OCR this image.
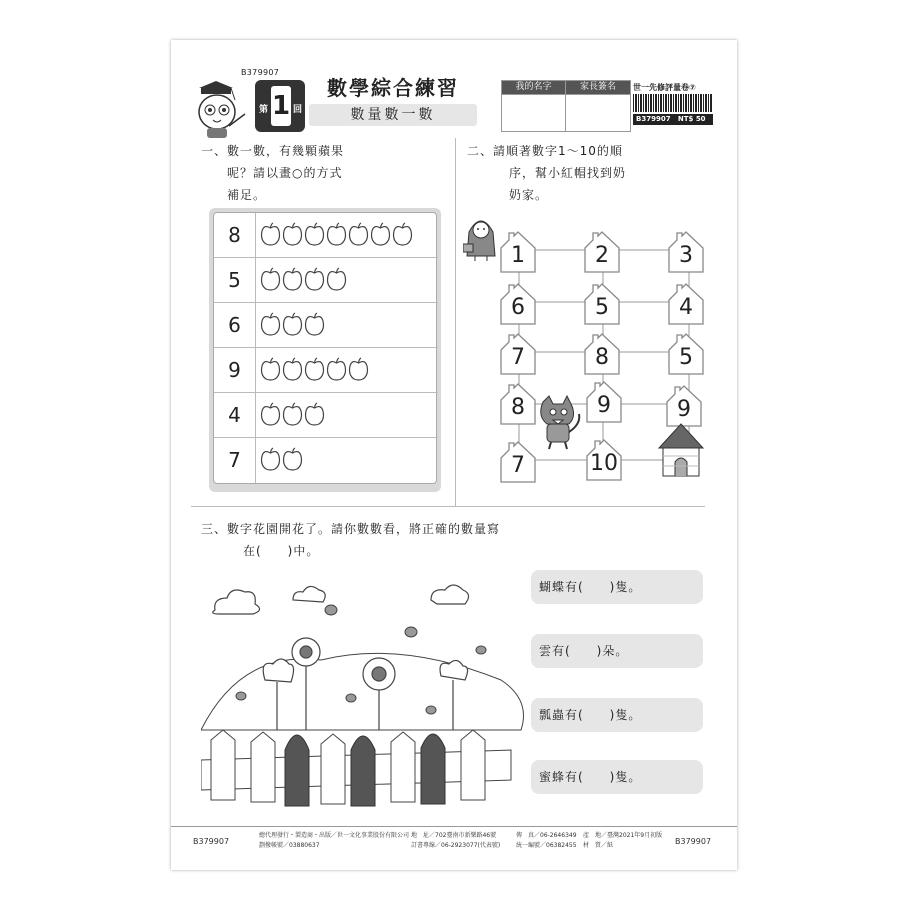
B379907
第 1 回
數學綜合練習
數量數一數
我的名字	家長簽名	世一先修評量卷⑦
B379907 NT$ 50
一、數一數，有幾顆蘋果
呢？請以畫○的方式
補足。
8
5
6
9
4
7
二、請順著數字1～10的順
序，幫小紅帽找到奶
奶家。
1	2	3
6	5	4
7	8	5
8	9	9
7	10
三、數字花園開花了。請你數數看，將正確的數量寫
在(　　)中。
蝴蝶有(　　)隻。
雲有(　　)朵。
瓢蟲有(　　)隻。
蜜蜂有(　　)隻。
B379907
總代理發行・製造商・出版／世一文化事業股份有限公司
劃撥帳號／03880637
地　址／702臺南市新樂路46號
訂書專線／06-2923077(代表號)
傳　真／06-2646349
統一編號／06382455
產　地／臺灣
材　質／紙
2021年9月初版
B379907
